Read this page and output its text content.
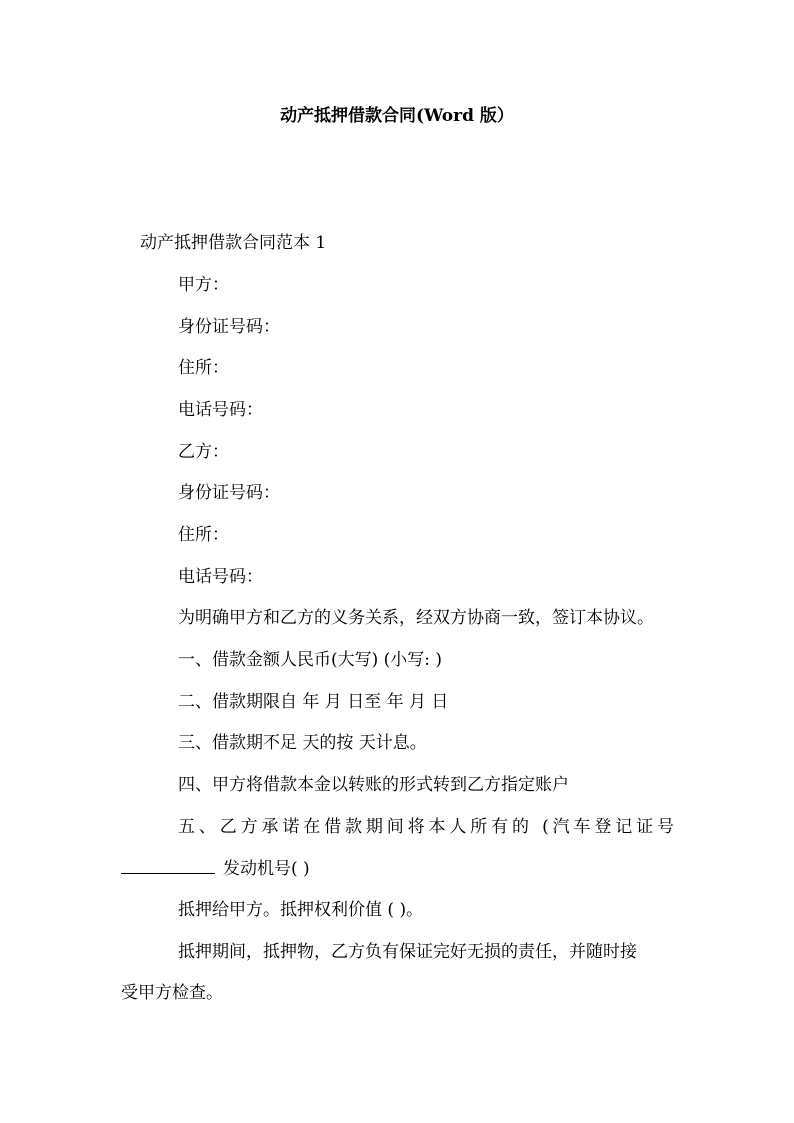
动产抵押借款合同(Word 版）
动产抵押借款合同范本 1
甲方：
身份证号码：
住所：
电话号码：
乙方：
身份证号码：
住所：
电话号码：
为明确甲方和乙方的义务关系，经双方协商一致，签订本协议。
一、借款金额人民币(大写) (小写: )
二、借款期限自 年 月 日至 年 月 日
三、借款期不足 天的按 天计息。
四、甲方将借款本金以转账的形式转到乙方指定账户
五、乙方承诺在借款期间将本人所有的 (汽车登记证号
发动机号( )
抵押给甲方。抵押权利价值 ( )。
抵押期间，抵押物，乙方负有保证完好无损的责任，并随时接
受甲方检查。
